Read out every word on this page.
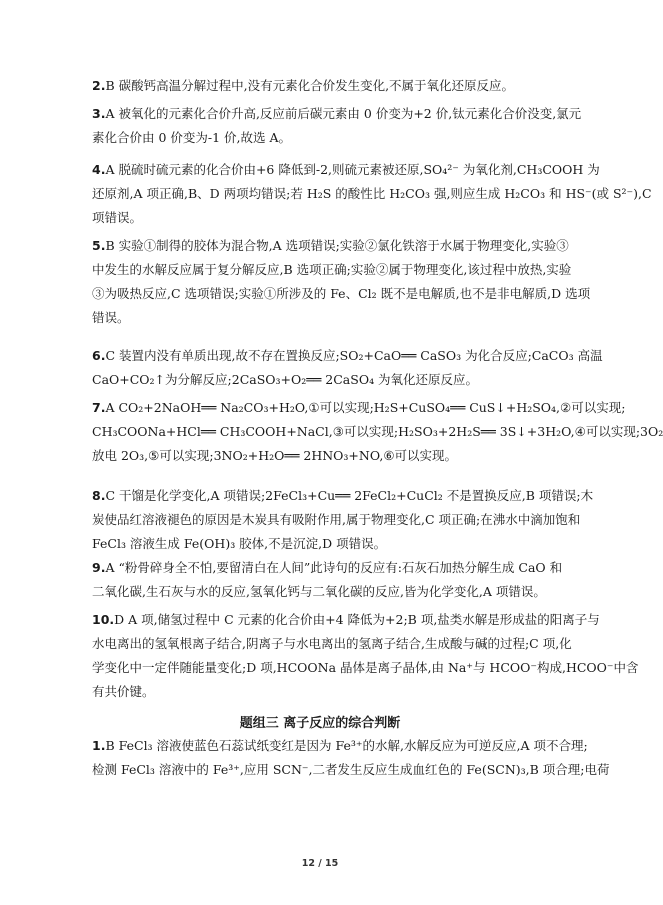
2.B 碳酸钙高温分解过程中,没有元素化合价发生变化,不属于氧化还原反应。
3.A 被氧化的元素化合价升高,反应前后碳元素由 0 价变为+2 价,钛元素化合价没变,氯元
素化合价由 0 价变为-1 价,故选 A。
4.A 脱硫时硫元素的化合价由+6 降低到-2,则硫元素被还原,SO₄²⁻ 为氧化剂,CH₃COOH 为
还原剂,A 项正确,B、D 两项均错误;若 H₂S 的酸性比 H₂CO₃ 强,则应生成 H₂CO₃ 和 HS⁻(或 S²⁻),C
项错误。
5.B 实验①制得的胶体为混合物,A 选项错误;实验②氯化铁溶于水属于物理变化,实验③
中发生的水解反应属于复分解反应,B 选项正确;实验②属于物理变化,该过程中放热,实验
③为吸热反应,C 选项错误;实验①所涉及的 Fe、Cl₂ 既不是电解质,也不是非电解质,D 选项
错误。
6.C 装置内没有单质出现,故不存在置换反应;SO₂+CaO══ CaSO₃ 为化合反应;CaCO₃ 高温
CaO+CO₂↑为分解反应;2CaSO₃+O₂══ 2CaSO₄ 为氧化还原反应。
7.A CO₂+2NaOH══ Na₂CO₃+H₂O,①可以实现;H₂S+CuSO₄══ CuS↓+H₂SO₄,②可以实现;
CH₃COONa+HCl══ CH₃COOH+NaCl,③可以实现;H₂SO₃+2H₂S══ 3S↓+3H₂O,④可以实现;3O₂
放电 2O₃,⑤可以实现;3NO₂+H₂O══ 2HNO₃+NO,⑥可以实现。
8.C 干馏是化学变化,A 项错误;2FeCl₃+Cu══ 2FeCl₂+CuCl₂ 不是置换反应,B 项错误;木
炭使品红溶液褪色的原因是木炭具有吸附作用,属于物理变化,C 项正确;在沸水中滴加饱和
FeCl₃ 溶液生成 Fe(OH)₃ 胶体,不是沉淀,D 项错误。
9.A “粉骨碎身全不怕,要留清白在人间”此诗句的反应有:石灰石加热分解生成 CaO 和
二氧化碳,生石灰与水的反应,氢氧化钙与二氧化碳的反应,皆为化学变化,A 项错误。
10.D A 项,储氢过程中 C 元素的化合价由+4 降低为+2;B 项,盐类水解是形成盐的阳离子与
水电离出的氢氧根离子结合,阴离子与水电离出的氢离子结合,生成酸与碱的过程;C 项,化
学变化中一定伴随能量变化;D 项,HCOONa 晶体是离子晶体,由 Na⁺与 HCOO⁻构成,HCOO⁻中含
有共价键。
题组三 离子反应的综合判断
1.B FeCl₃ 溶液使蓝色石蕊试纸变红是因为 Fe³⁺的水解,水解反应为可逆反应,A 项不合理;
检测 FeCl₃ 溶液中的 Fe³⁺,应用 SCN⁻,二者发生反应生成血红色的 Fe(SCN)₃,B 项合理;电荷
12 / 15
